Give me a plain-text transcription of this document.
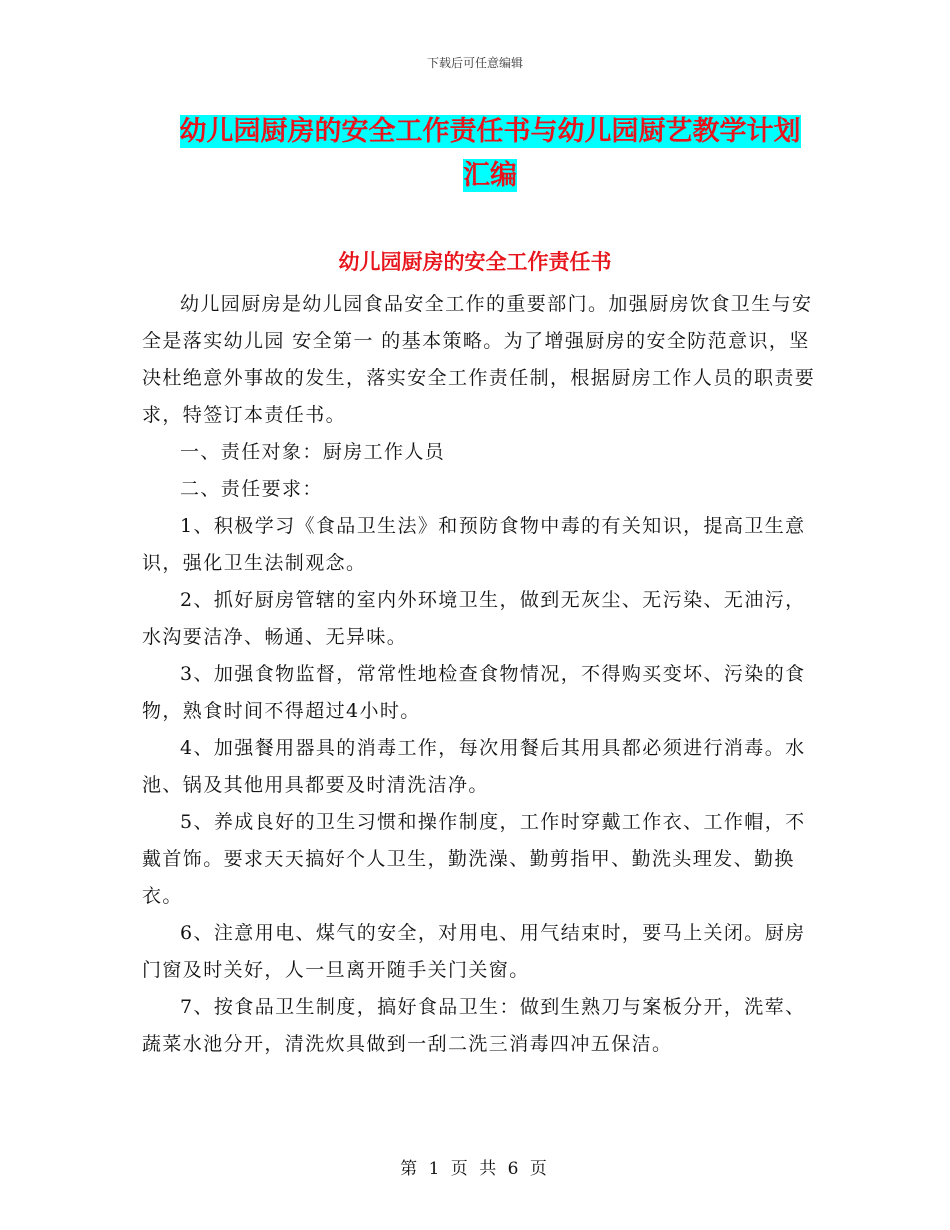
下载后可任意编辑
幼儿园厨房的安全工作责任书与幼儿园厨艺教学计划
汇编
幼儿园厨房的安全工作责任书

幼儿园厨房是幼儿园食品安全工作的重要部门。加强厨房饮食卫生与安全是落实幼儿园 安全第一 的基本策略。为了增强厨房的安全防范意识，坚决杜绝意外事故的发生，落实安全工作责任制，根据厨房工作人员的职责要求，特签订本责任书。

一、责任对象：厨房工作人员

二、责任要求：

1、积极学习《食品卫生法》和预防食物中毒的有关知识，提高卫生意识，强化卫生法制观念。

2、抓好厨房管辖的室内外环境卫生，做到无灰尘、无污染、无油污，水沟要洁净、畅通、无异味。

3、加强食物监督，常常性地检查食物情况，不得购买变坏、污染的食物，熟食时间不得超过4小时。

4、加强餐用器具的消毒工作，每次用餐后其用具都必须进行消毒。水池、锅及其他用具都要及时清洗洁净。

5、养成良好的卫生习惯和操作制度，工作时穿戴工作衣、工作帽，不戴首饰。要求天天搞好个人卫生，勤洗澡、勤剪指甲、勤洗头理发、勤换衣。

6、注意用电、煤气的安全，对用电、用气结束时，要马上关闭。厨房门窗及时关好，人一旦离开随手关门关窗。

7、按食品卫生制度，搞好食品卫生：做到生熟刀与案板分开，洗荤、蔬菜水池分开，清洗炊具做到一刮二洗三消毒四冲五保洁。

第 1 页 共 6 页
